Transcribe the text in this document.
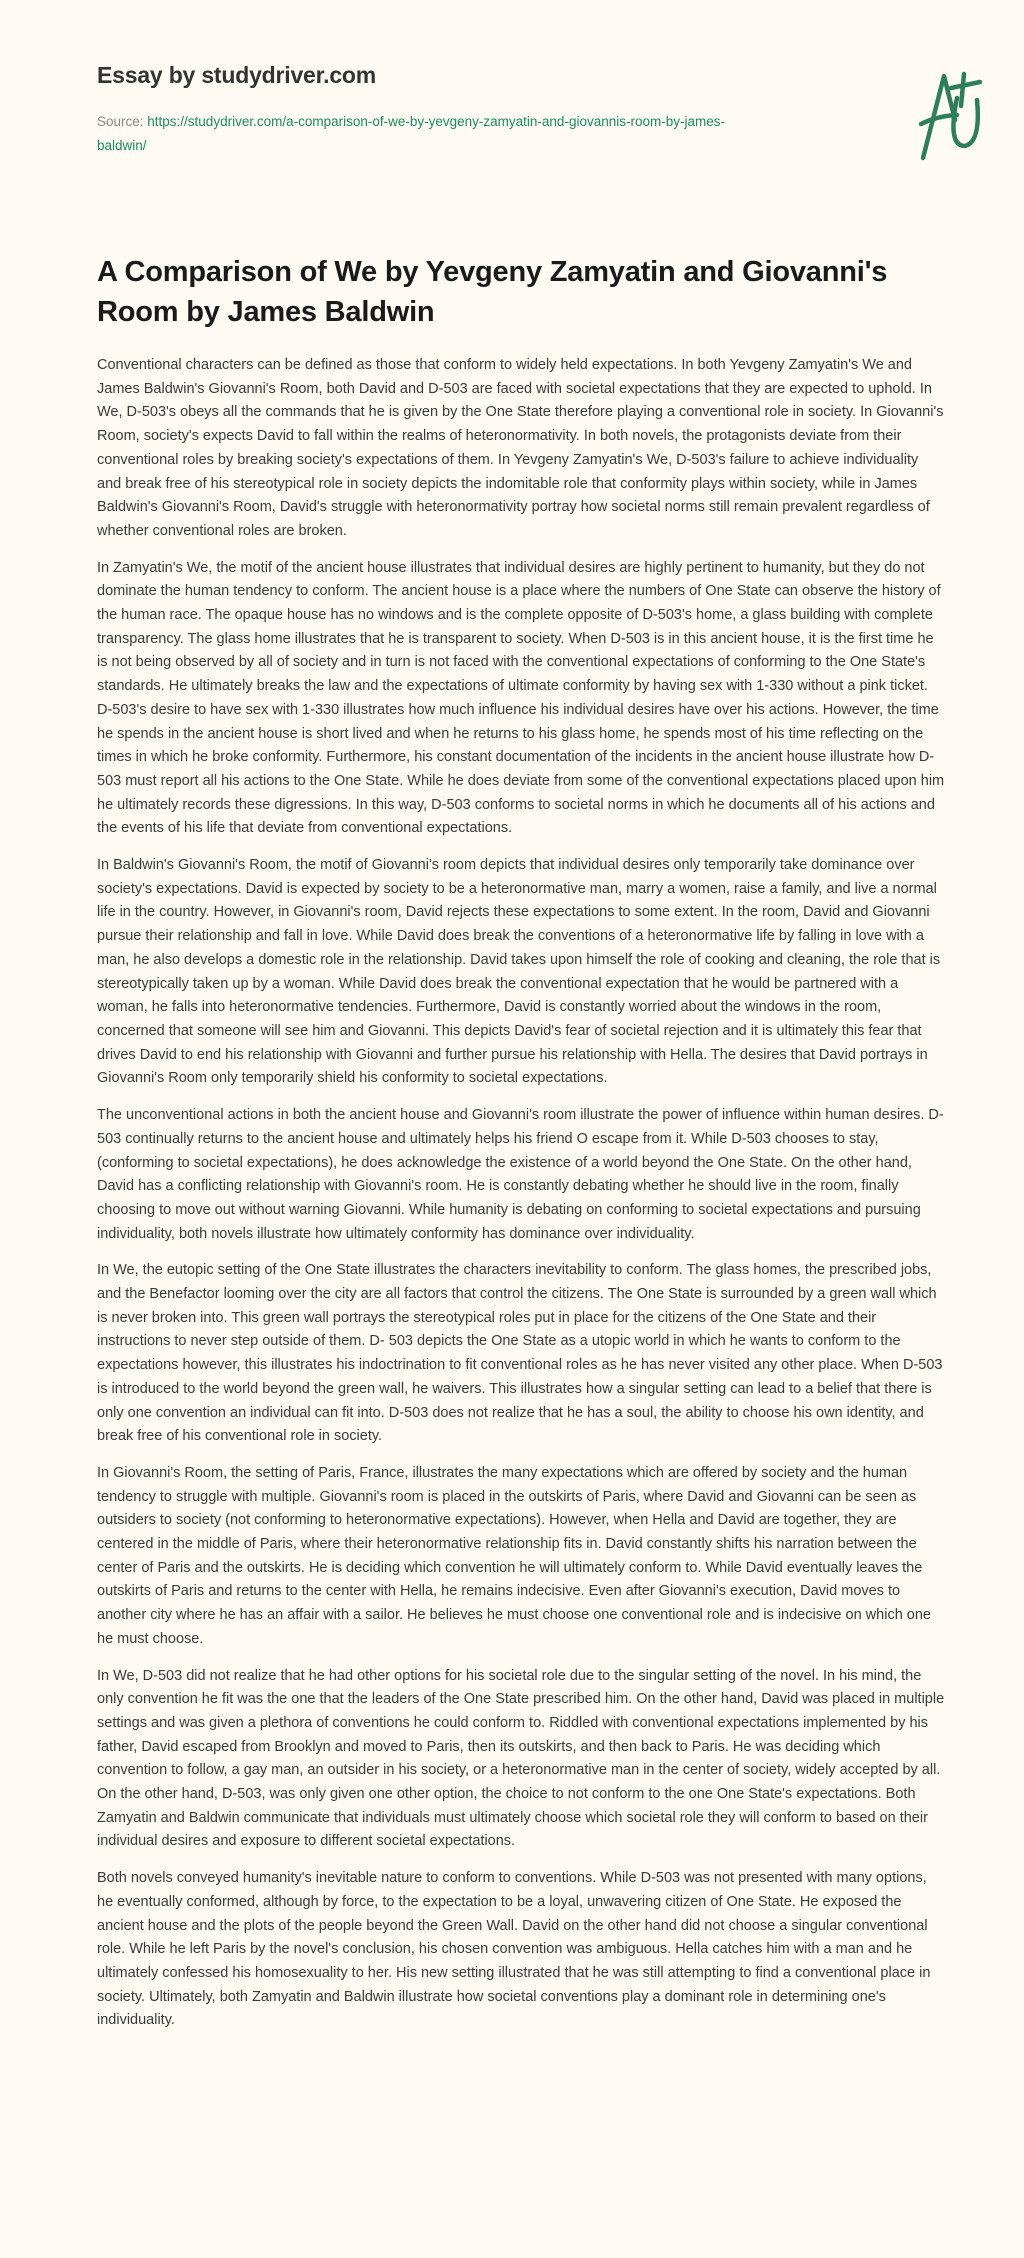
Essay by studydriver.com
Source: https://studydriver.com/a-comparison-of-we-by-yevgeny-zamyatin-and-giovannis-room-by-james-baldwin/
A Comparison of We by Yevgeny Zamyatin and Giovanni's Room by James Baldwin

Conventional characters can be defined as those that conform to widely held expectations. In both Yevgeny Zamyatin's We and James Baldwin's Giovanni's Room, both David and D-503 are faced with societal expectations that they are expected to uphold. In We, D-503's obeys all the commands that he is given by the One State therefore playing a conventional role in society. In Giovanni's Room, society's expects David to fall within the realms of heteronormativity. In both novels, the protagonists deviate from their conventional roles by breaking society's expectations of them. In Yevgeny Zamyatin's We, D-503's failure to achieve individuality and break free of his stereotypical role in society depicts the indomitable role that conformity plays within society, while in James Baldwin's Giovanni's Room, David's struggle with heteronormativity portray how societal norms still remain prevalent regardless of whether conventional roles are broken.

In Zamyatin's We, the motif of the ancient house illustrates that individual desires are highly pertinent to humanity, but they do not dominate the human tendency to conform. The ancient house is a place where the numbers of One State can observe the history of the human race. The opaque house has no windows and is the complete opposite of D-503's home, a glass building with complete transparency. The glass home illustrates that he is transparent to society. When D-503 is in this ancient house, it is the first time he is not being observed by all of society and in turn is not faced with the conventional expectations of conforming to the One State's standards. He ultimately breaks the law and the expectations of ultimate conformity by having sex with 1-330 without a pink ticket. D-503's desire to have sex with 1-330 illustrates how much influence his individual desires have over his actions. However, the time he spends in the ancient house is short lived and when he returns to his glass home, he spends most of his time reflecting on the times in which he broke conformity. Furthermore, his constant documentation of the incidents in the ancient house illustrate how D-503 must report all his actions to the One State. While he does deviate from some of the conventional expectations placed upon him he ultimately records these digressions. In this way, D-503 conforms to societal norms in which he documents all of his actions and the events of his life that deviate from conventional expectations.

In Baldwin's Giovanni's Room, the motif of Giovanni's room depicts that individual desires only temporarily take dominance over society's expectations. David is expected by society to be a heteronormative man, marry a women, raise a family, and live a normal life in the country. However, in Giovanni's room, David rejects these expectations to some extent. In the room, David and Giovanni pursue their relationship and fall in love. While David does break the conventions of a heteronormative life by falling in love with a man, he also develops a domestic role in the relationship. David takes upon himself the role of cooking and cleaning, the role that is stereotypically taken up by a woman. While David does break the conventional expectation that he would be partnered with a woman, he falls into heteronormative tendencies. Furthermore, David is constantly worried about the windows in the room, concerned that someone will see him and Giovanni. This depicts David's fear of societal rejection and it is ultimately this fear that drives David to end his relationship with Giovanni and further pursue his relationship with Hella. The desires that David portrays in Giovanni's Room only temporarily shield his conformity to societal expectations.

The unconventional actions in both the ancient house and Giovanni's room illustrate the power of influence within human desires. D-503 continually returns to the ancient house and ultimately helps his friend O escape from it. While D-503 chooses to stay, (conforming to societal expectations), he does acknowledge the existence of a world beyond the One State. On the other hand, David has a conflicting relationship with Giovanni's room. He is constantly debating whether he should live in the room, finally choosing to move out without warning Giovanni. While humanity is debating on conforming to societal expectations and pursuing individuality, both novels illustrate how ultimately conformity has dominance over individuality.

In We, the eutopic setting of the One State illustrates the characters inevitability to conform. The glass homes, the prescribed jobs, and the Benefactor looming over the city are all factors that control the citizens. The One State is surrounded by a green wall which is never broken into. This green wall portrays the stereotypical roles put in place for the citizens of the One State and their instructions to never step outside of them. D- 503 depicts the One State as a utopic world in which he wants to conform to the expectations however, this illustrates his indoctrination to fit conventional roles as he has never visited any other place. When D-503 is introduced to the world beyond the green wall, he waivers. This illustrates how a singular setting can lead to a belief that there is only one convention an individual can fit into. D-503 does not realize that he has a soul, the ability to choose his own identity, and break free of his conventional role in society.

In Giovanni's Room, the setting of Paris, France, illustrates the many expectations which are offered by society and the human tendency to struggle with multiple. Giovanni's room is placed in the outskirts of Paris, where David and Giovanni can be seen as outsiders to society (not conforming to heteronormative expectations). However, when Hella and David are together, they are centered in the middle of Paris, where their heteronormative relationship fits in. David constantly shifts his narration between the center of Paris and the outskirts. He is deciding which convention he will ultimately conform to. While David eventually leaves the outskirts of Paris and returns to the center with Hella, he remains indecisive. Even after Giovanni's execution, David moves to another city where he has an affair with a sailor. He believes he must choose one conventional role and is indecisive on which one he must choose.

In We, D-503 did not realize that he had other options for his societal role due to the singular setting of the novel. In his mind, the only convention he fit was the one that the leaders of the One State prescribed him. On the other hand, David was placed in multiple settings and was given a plethora of conventions he could conform to. Riddled with conventional expectations implemented by his father, David escaped from Brooklyn and moved to Paris, then its outskirts, and then back to Paris. He was deciding which convention to follow, a gay man, an outsider in his society, or a heteronormative man in the center of society, widely accepted by all. On the other hand, D-503, was only given one other option, the choice to not conform to the one One State's expectations. Both Zamyatin and Baldwin communicate that individuals must ultimately choose which societal role they will conform to based on their individual desires and exposure to different societal expectations.

Both novels conveyed humanity's inevitable nature to conform to conventions. While D-503 was not presented with many options, he eventually conformed, although by force, to the expectation to be a loyal, unwavering citizen of One State. He exposed the ancient house and the plots of the people beyond the Green Wall. David on the other hand did not choose a singular conventional role. While he left Paris by the novel's conclusion, his chosen convention was ambiguous. Hella catches him with a man and he ultimately confessed his homosexuality to her. His new setting illustrated that he was still attempting to find a conventional place in society. Ultimately, both Zamyatin and Baldwin illustrate how societal conventions play a dominant role in determining one's individuality.
